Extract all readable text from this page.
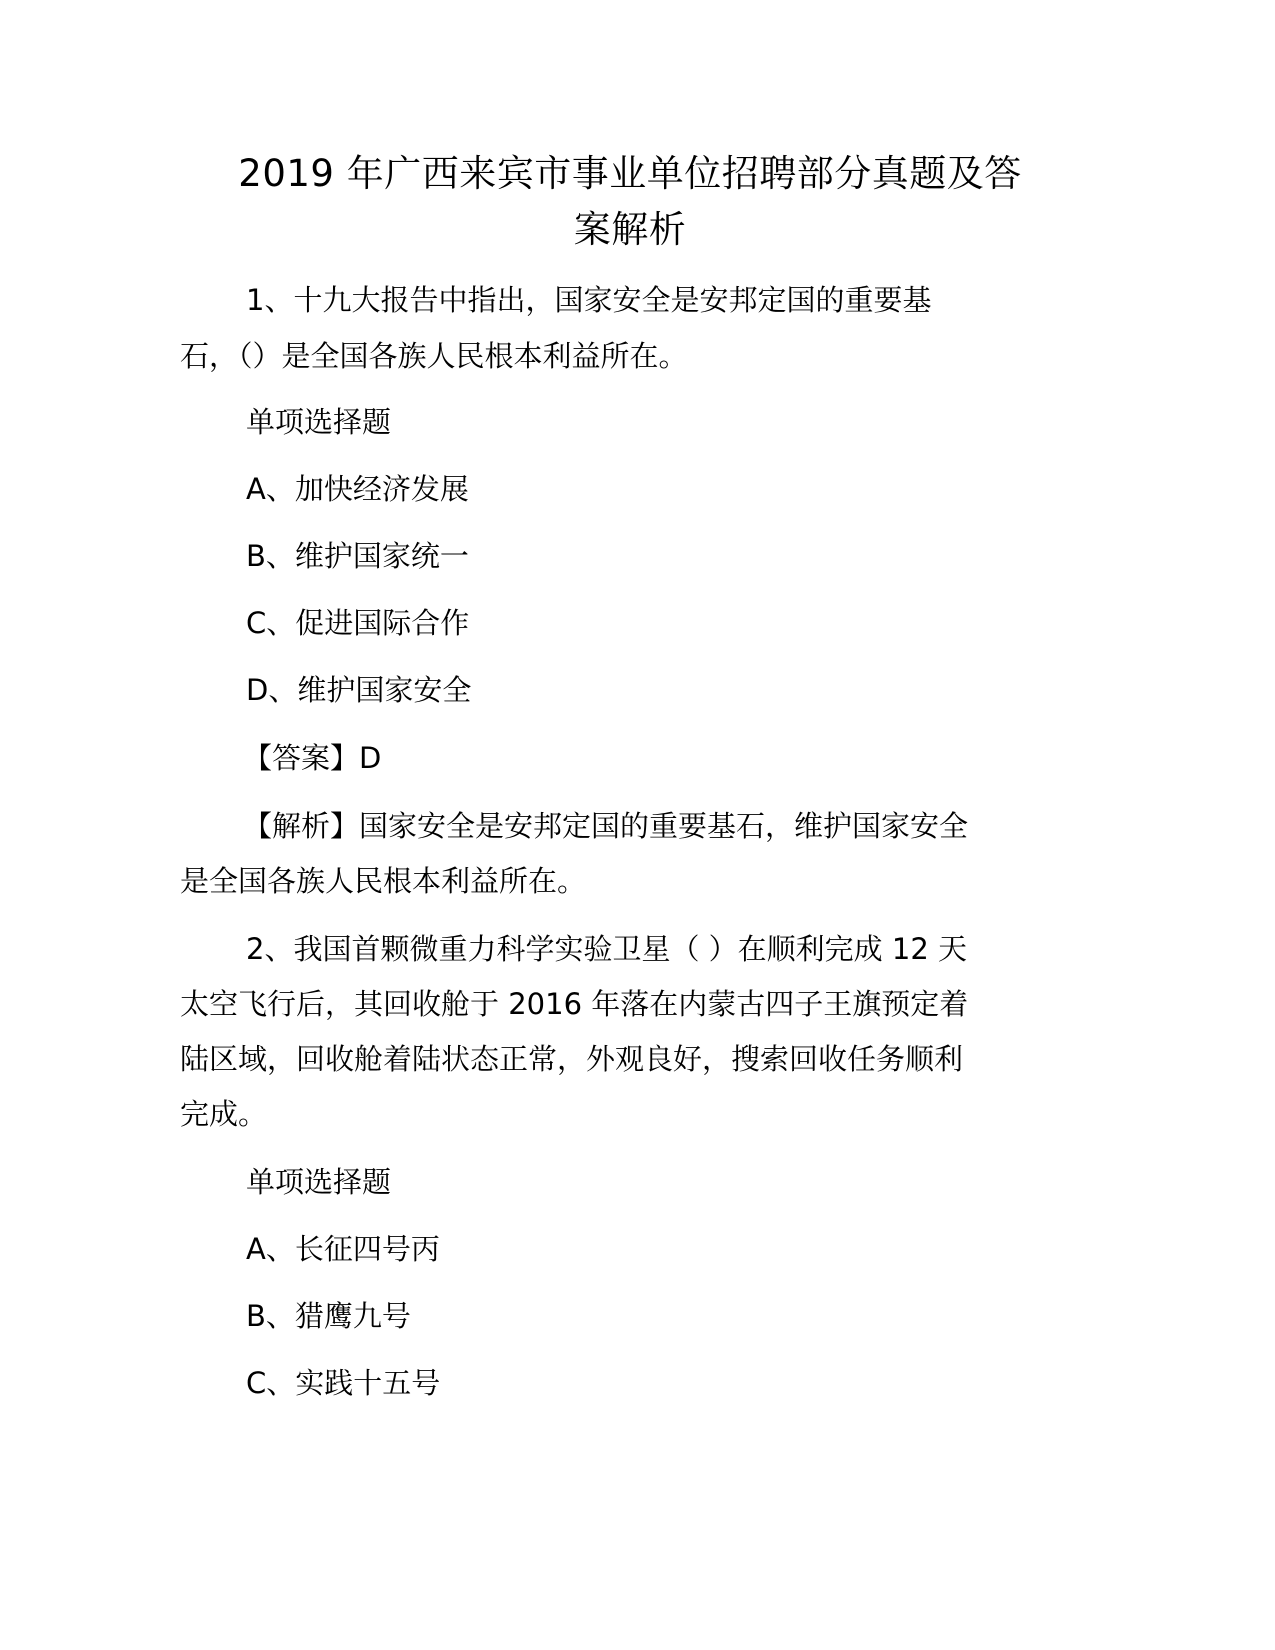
2019 年广西来宾市事业单位招聘部分真题及答
案解析
1、十九大报告中指出，国家安全是安邦定国的重要基
石，（）是全国各族人民根本利益所在。
单项选择题
A、加快经济发展
B、维护国家统一
C、促进国际合作
D、维护国家安全
【答案】D
【解析】国家安全是安邦定国的重要基石，维护国家安全
是全国各族人民根本利益所在。
2、我国首颗微重力科学实验卫星（ ）在顺利完成 12 天
太空飞行后，其回收舱于 2016 年落在内蒙古四子王旗预定着
陆区域，回收舱着陆状态正常，外观良好，搜索回收任务顺利
完成。
单项选择题
A、长征四号丙
B、猎鹰九号
C、实践十五号
